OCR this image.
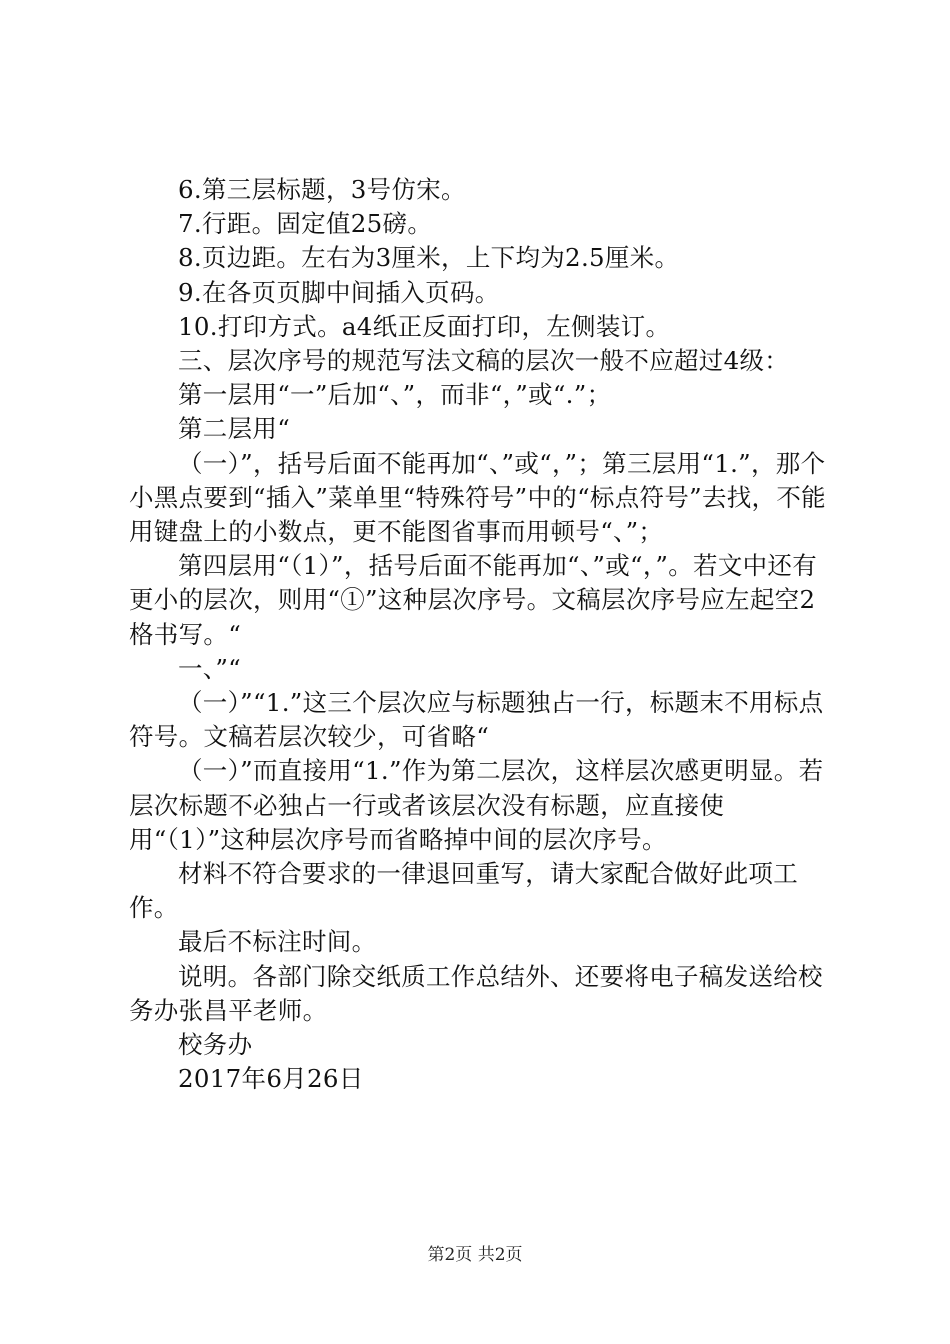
6.第三层标题，3号仿宋。

7.行距。固定值25磅。

8.页边距。左右为3厘米，上下均为2.5厘米。

9.在各页页脚中间插入页码。

10.打印方式。a4纸正反面打印，左侧装订。

三、层次序号的规范写法文稿的层次一般不应超过4级：

第一层用“一”后加“、”，而非“，”或“.”；

第二层用“

（一）”，括号后面不能再加“、”或“，”；第三层用“1.”，那个小黑点要到“插入”菜单里“特殊符号”中的“标点符号”去找，不能用键盘上的小数点，更不能图省事而用顿号“、”；

第四层用“（1）”，括号后面不能再加“、”或“，”。若文中还有更小的层次，则用“①”这种层次序号。文稿层次序号应左起空2格书写。“

一、”“

（一）”“1.”这三个层次应与标题独占一行，标题末不用标点符号。文稿若层次较少，可省略“

（一）”而直接用“1.”作为第二层次，这样层次感更明显。若层次标题不必独占一行或者该层次没有标题，应直接使用“（1）”这种层次序号而省略掉中间的层次序号。

材料不符合要求的一律退回重写，请大家配合做好此项工作。

最后不标注时间。

说明。各部门除交纸质工作总结外、还要将电子稿发送给校务办张昌平老师。

校务办

2017年6月26日

第2页 共2页
